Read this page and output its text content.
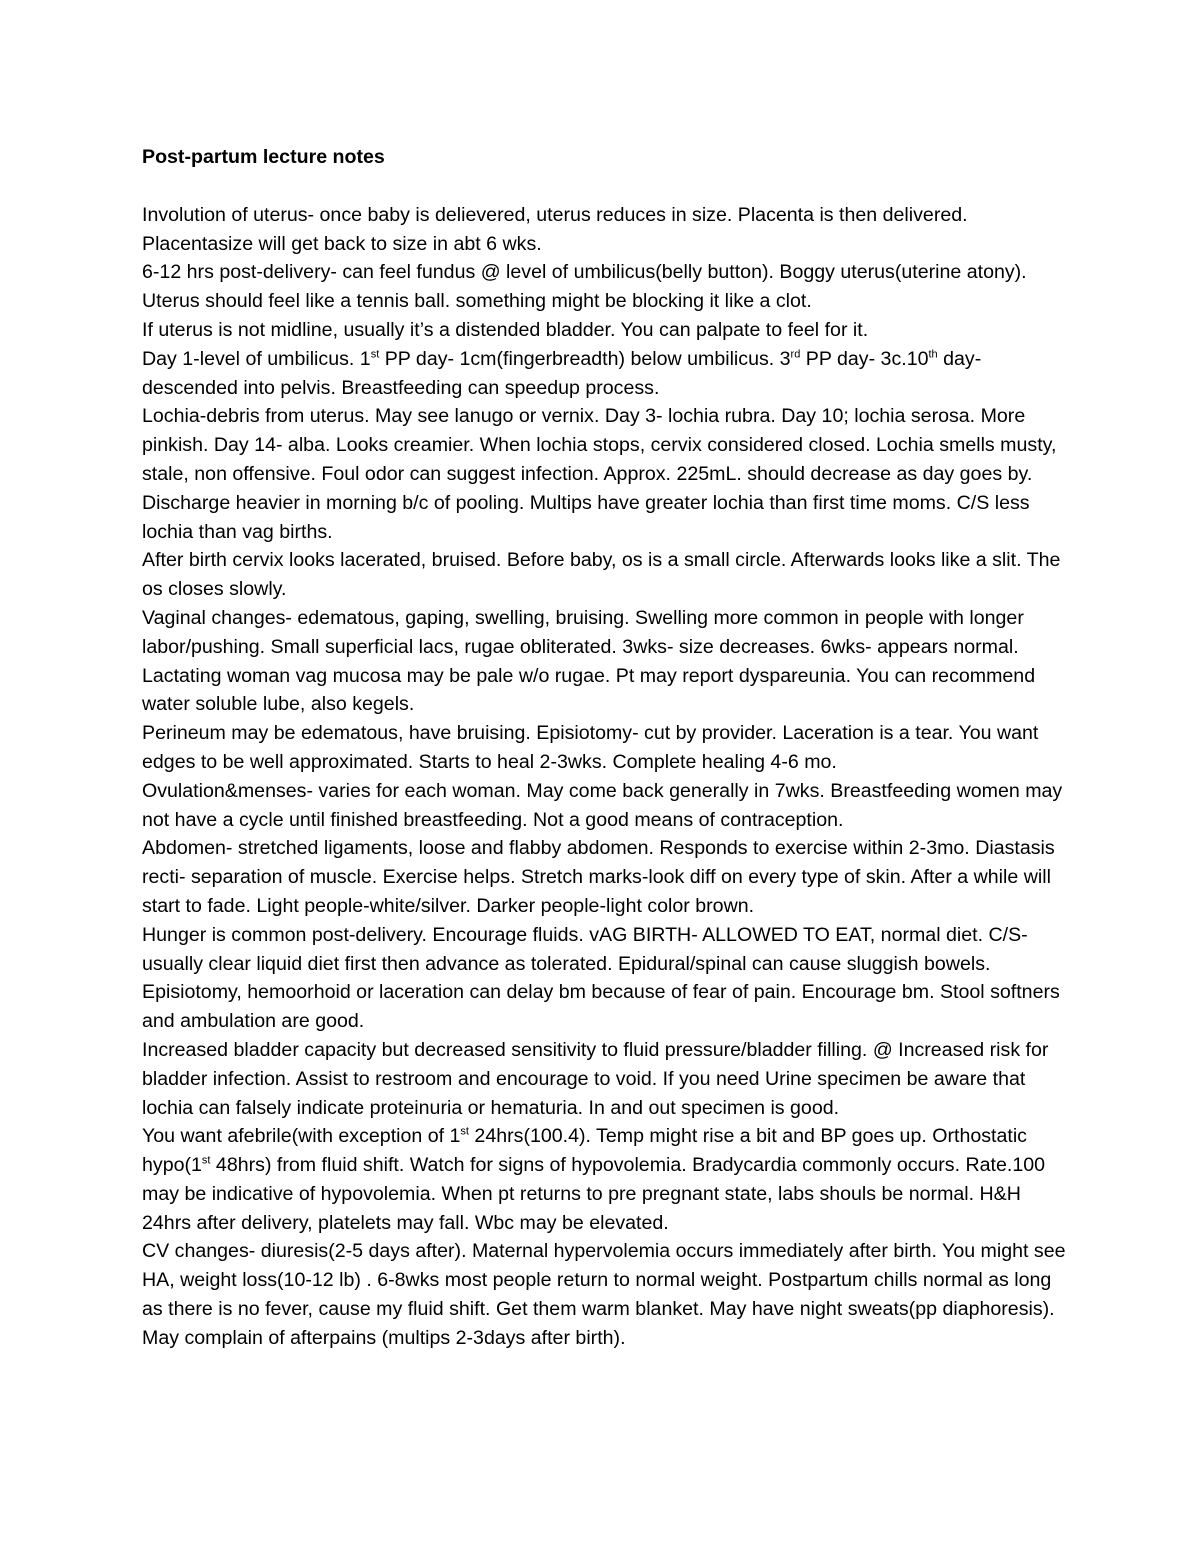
Post-partum lecture notes

Involution of uterus- once baby is delievered, uterus reduces in size. Placenta is then delivered. Placentasize will get back to size in abt 6 wks.

6-12 hrs post-delivery- can feel fundus @ level of umbilicus(belly button). Boggy uterus(uterine atony). Uterus should feel like a tennis ball. something might be blocking it like a clot.

If uterus is not midline, usually it’s a distended bladder. You can palpate to feel for it.

Day 1-level of umbilicus. 1st PP day- 1cm(fingerbreadth) below umbilicus. 3rd PP day- 3c.10th day- descended into pelvis. Breastfeeding can speedup process.

Lochia-debris from uterus. May see lanugo or vernix. Day 3- lochia rubra. Day 10; lochia serosa. More pinkish. Day 14- alba. Looks creamier. When lochia stops, cervix considered closed. Lochia smells musty, stale, non offensive. Foul odor can suggest infection. Approx. 225mL. should decrease as day goes by. Discharge heavier in morning b/c of pooling. Multips have greater lochia than first time moms. C/S less lochia than vag births.

After birth cervix looks lacerated, bruised. Before baby, os is a small circle. Afterwards looks like a slit. The os closes slowly.

Vaginal changes- edematous, gaping, swelling, bruising. Swelling more common in people with longer labor/pushing. Small superficial lacs, rugae obliterated. 3wks- size decreases. 6wks- appears normal. Lactating woman vag mucosa may be pale w/o rugae. Pt may report dyspareunia. You can recommend water soluble lube, also kegels.

Perineum may be edematous, have bruising. Episiotomy- cut by provider. Laceration is a tear. You want edges to be well approximated. Starts to heal 2-3wks. Complete healing 4-6 mo.

Ovulation&menses- varies for each woman. May come back generally in 7wks. Breastfeeding women may not have a cycle until finished breastfeeding. Not a good means of contraception.

Abdomen- stretched ligaments, loose and flabby abdomen. Responds to exercise within 2-3mo. Diastasis recti- separation of muscle. Exercise helps. Stretch marks-look diff on every type of skin. After a while will start to fade. Light people-white/silver. Darker people-light color brown.

Hunger is common post-delivery. Encourage fluids. vAG BIRTH- ALLOWED TO EAT, normal diet. C/S- usually clear liquid diet first then advance as tolerated. Epidural/spinal can cause sluggish bowels. Episiotomy, hemoorhoid or laceration can delay bm because of fear of pain. Encourage bm. Stool softners and ambulation are good.

Increased bladder capacity but decreased sensitivity to fluid pressure/bladder filling. @ Increased risk for bladder infection. Assist to restroom and encourage to void. If you need Urine specimen be aware that lochia can falsely indicate proteinuria or hematuria. In and out specimen is good.

You want afebrile(with exception of 1st 24hrs(100.4). Temp might rise a bit and BP goes up. Orthostatic hypo(1st 48hrs) from fluid shift. Watch for signs of hypovolemia. Bradycardia commonly occurs. Rate.100 may be indicative of hypovolemia. When pt returns to pre pregnant state, labs shouls be normal. H&H 24hrs after delivery, platelets may fall. Wbc may be elevated.

CV changes- diuresis(2-5 days after). Maternal hypervolemia occurs immediately after birth. You might see HA, weight loss(10-12 lb) . 6-8wks most people return to normal weight. Postpartum chills normal as long as there is no fever, cause my fluid shift. Get them warm blanket. May have night sweats(pp diaphoresis). May complain of afterpains (multips 2-3days after birth).
